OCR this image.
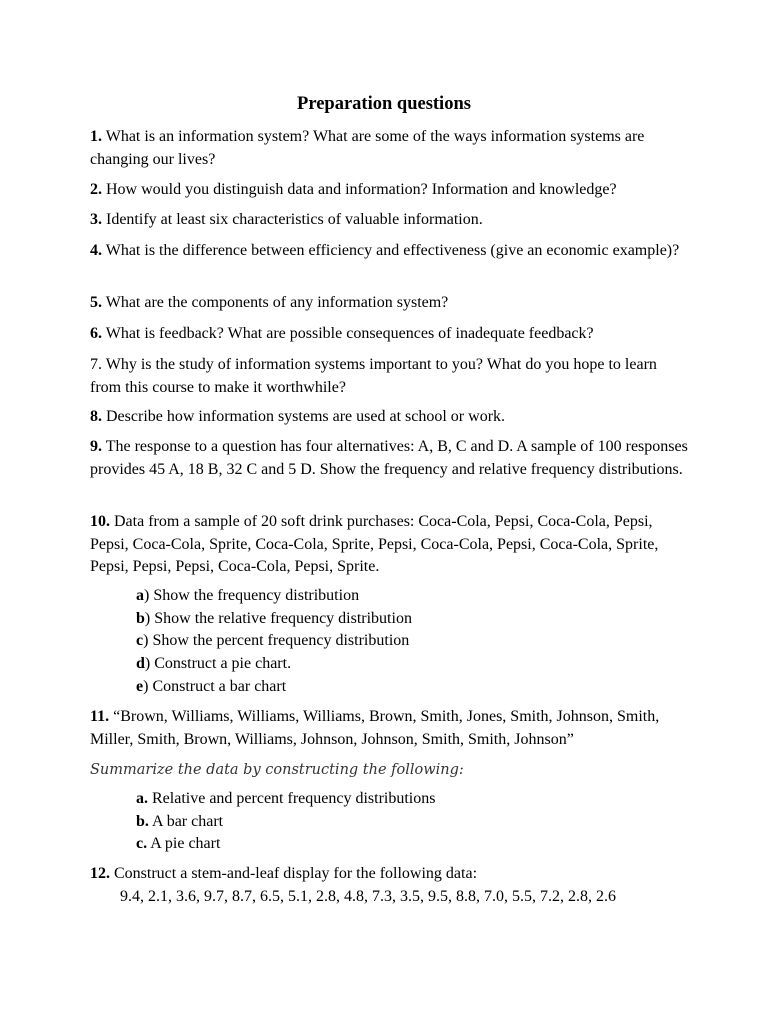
Preparation questions

1. What is an information system? What are some of the ways information systems are changing our lives?

2. How would you distinguish data and information? Information and knowledge?

3. Identify at least six characteristics of valuable information.

4. What is the difference between efficiency and effectiveness (give an economic example)?

5. What are the components of any information system?

6. What is feedback? What are possible consequences of inadequate feedback?

7. Why is the study of information systems important to you? What do you hope to learn from this course to make it worthwhile?

8. Describe how information systems are used at school or work.

9. The response to a question has four alternatives: A, B, C and D. A sample of 100 responses provides 45 A, 18 B, 32 C and 5 D. Show the frequency and relative frequency distributions.

10. Data from a sample of 20 soft drink purchases: Coca-Cola, Pepsi, Coca-Cola, Pepsi, Pepsi, Coca-Cola, Sprite, Coca-Cola, Sprite, Pepsi, Coca-Cola, Pepsi, Coca-Cola, Sprite, Pepsi, Pepsi, Pepsi, Coca-Cola, Pepsi, Sprite.

a) Show the frequency distribution
b) Show the relative frequency distribution
c) Show the percent frequency distribution
d) Construct a pie chart.
e) Construct a bar chart

11. “Brown, Williams, Williams, Williams, Brown, Smith, Jones, Smith, Johnson, Smith, Miller, Smith, Brown, Williams, Johnson, Johnson, Smith, Smith, Johnson”

Summarize the data by constructing the following:
a. Relative and percent frequency distributions
b. A bar chart
c. A pie chart

12. Construct a stem-and-leaf display for the following data:

9.4, 2.1, 3.6, 9.7, 8.7, 6.5, 5.1, 2.8, 4.8, 7.3, 3.5, 9.5, 8.8, 7.0, 5.5, 7.2, 2.8, 2.6
